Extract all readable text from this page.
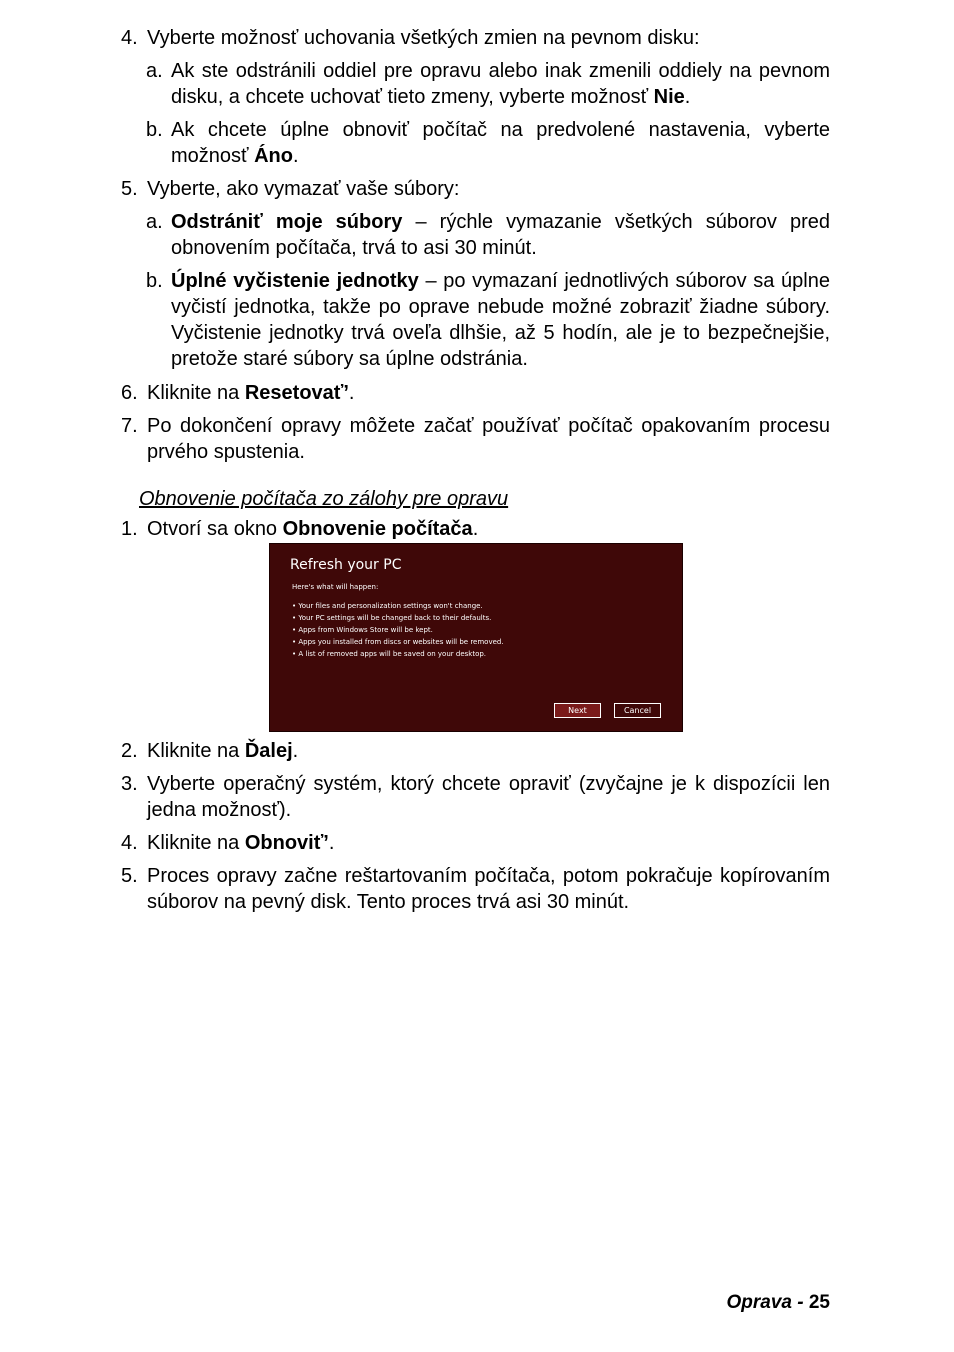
4. Vyberte možnosť uchovania všetkých zmien na pevnom disku:
a. Ak ste odstránili oddiel pre opravu alebo inak zmenili oddiely na pevnom disku, a chcete uchovať tieto zmeny, vyberte možnosť Nie.
b. Ak chcete úplne obnoviť počítač na predvolené nastavenia, vyberte možnosť Áno.
5. Vyberte, ako vymazať vaše súbory:
a. Odstrániť moje súbory – rýchle vymazanie všetkých súborov pred obnovením počítača, trvá to asi 30 minút.
b. Úplné vyčistenie jednotky – po vymazaní jednotlivých súborov sa úplne vyčistí jednotka, takže po oprave nebude možné zobraziť žiadne súbory. Vyčistenie jednotky trvá oveľa dlhšie, až 5 hodín, ale je to bezpečnejšie, pretože staré súbory sa úplne odstránia.
6. Kliknite na Resetovať’.
7. Po dokončení opravy môžete začať používať počítač opakovaním procesu prvého spustenia.
Obnovenie počítača zo zálohy pre opravu
1. Otvorí sa okno Obnovenie počítača.
Refresh your PC
Here's what will happen:
• Your files and personalization settings won't change.
• Your PC settings will be changed back to their defaults.
• Apps from Windows Store will be kept.
• Apps you installed from discs or websites will be removed.
• A list of removed apps will be saved on your desktop.
Next	Cancel
2. Kliknite na Ďalej.
3. Vyberte operačný systém, ktorý chcete opraviť (zvyčajne je k dispozícii len jedna možnosť).
4. Kliknite na Obnoviť’.
5. Proces opravy začne reštartovaním počítača, potom pokračuje kopírovaním súborov na pevný disk. Tento proces trvá asi 30 minút.
Oprava - 25
